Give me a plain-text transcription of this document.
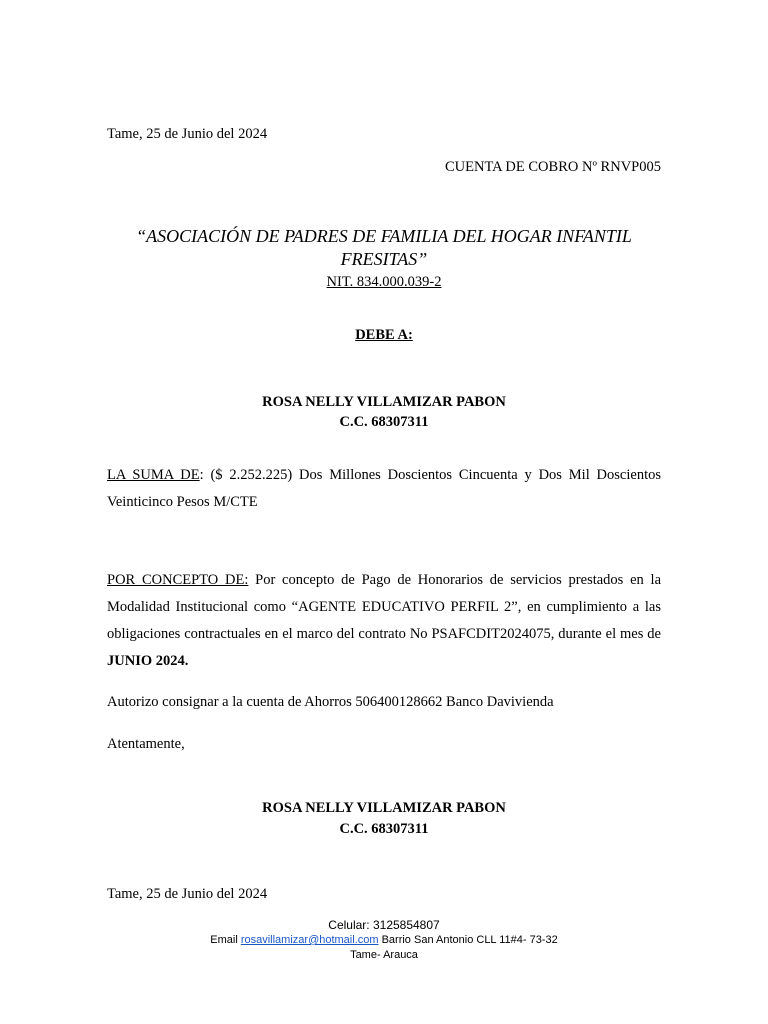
Tame, 25 de Junio del 2024
CUENTA DE COBRO Nº RNVP005
“ASOCIACIÓN DE PADRES DE FAMILIA DEL HOGAR INFANTIL
FRESITAS”
NIT. 834.000.039-2
DEBE A:
ROSA NELLY VILLAMIZAR PABON
C.C. 68307311
LA SUMA DE: ($ 2.252.225) Dos Millones Doscientos Cincuenta y Dos Mil Doscientos Veinticinco Pesos M/CTE
POR CONCEPTO DE: Por concepto de Pago de Honorarios de servicios prestados en la Modalidad Institucional como “AGENTE EDUCATIVO PERFIL 2”, en cumplimiento a las obligaciones contractuales en el marco del contrato No PSAFCDIT2024075, durante el mes de JUNIO 2024.
Autorizo consignar a la cuenta de Ahorros 506400128662 Banco Daviviendа
Atentamente,
ROSA NELLY VILLAMIZAR PABON
C.C. 68307311
Tame, 25 de Junio del 2024
Celular: 3125854807
Email rosavillamizar@hotmail.com Barrio San Antonio CLL 11#4- 73-32
Tame- Arauca
